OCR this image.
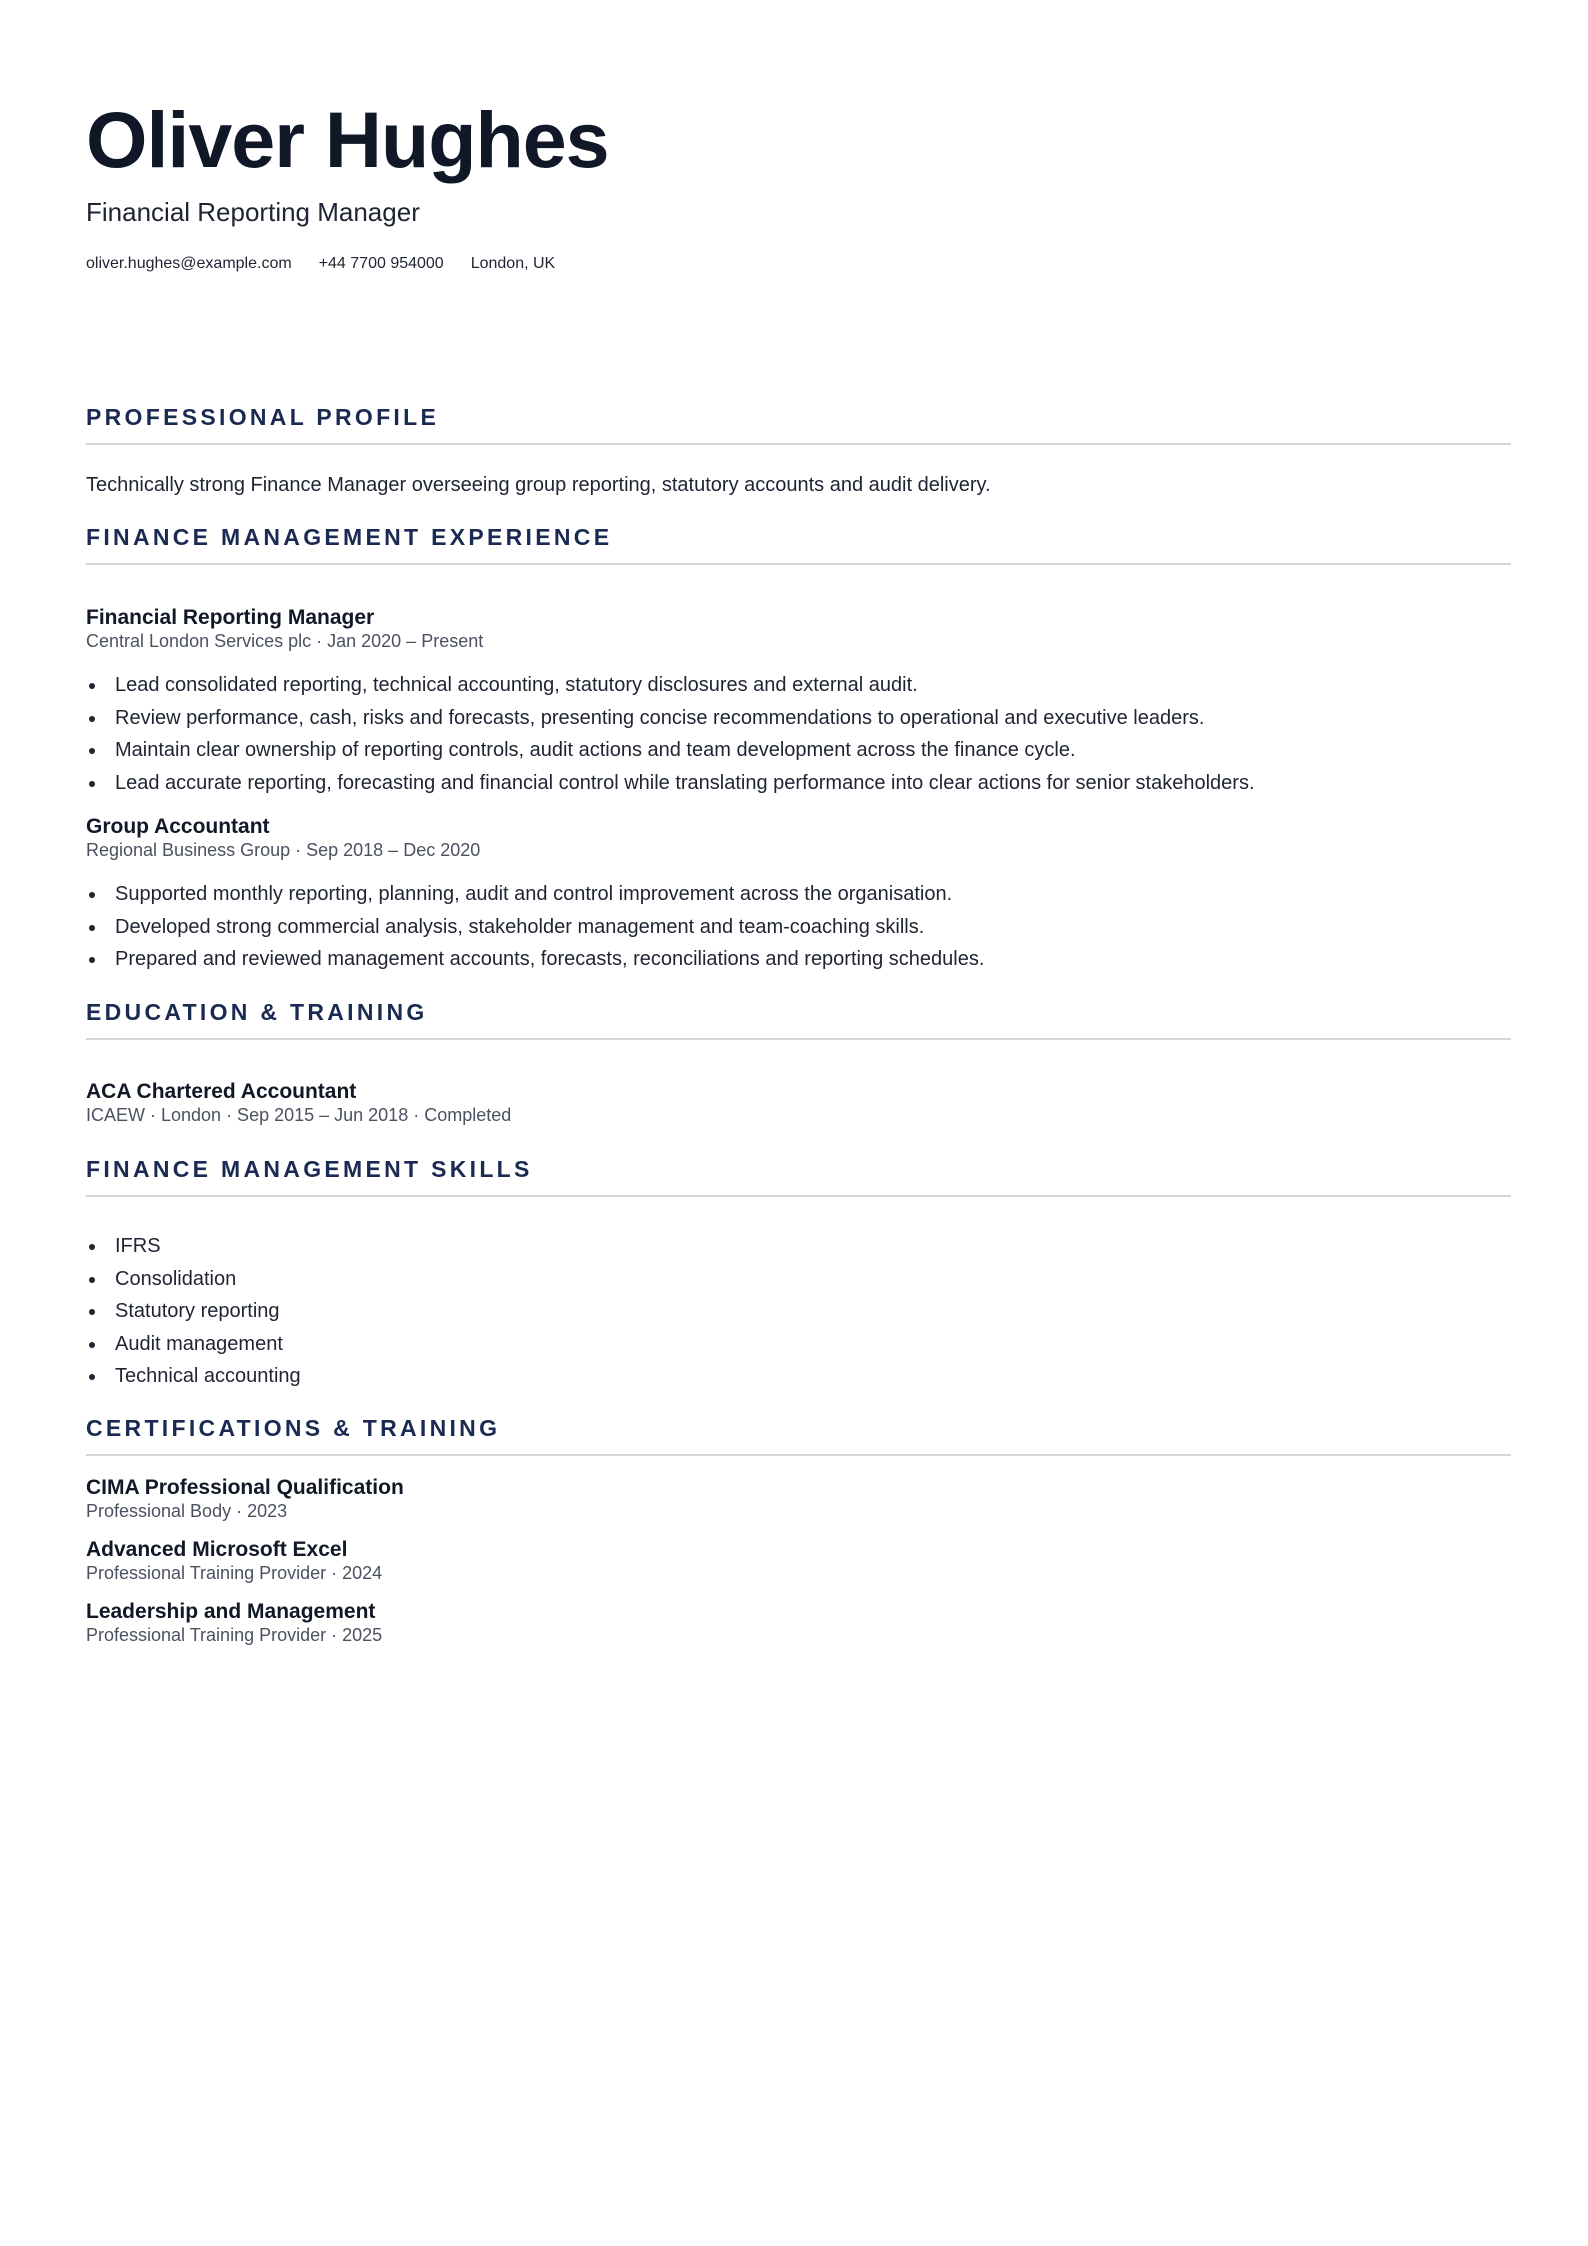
Oliver Hughes

Financial Reporting Manager

oliver.hughes@example.com +44 7700 954000 London, UK
PROFESSIONAL PROFILE

Technically strong Finance Manager overseeing group reporting, statutory accounts and audit delivery.

FINANCE MANAGEMENT EXPERIENCE

Financial Reporting Manager

Central London Services plc · Jan 2020 – Present

Lead consolidated reporting, technical accounting, statutory disclosures and external audit.
Review performance, cash, risks and forecasts, presenting concise recommendations to operational and executive leaders.
Maintain clear ownership of reporting controls, audit actions and team development across the finance cycle.
Lead accurate reporting, forecasting and financial control while translating performance into clear actions for senior stakeholders.

Group Accountant

Regional Business Group · Sep 2018 – Dec 2020

Supported monthly reporting, planning, audit and control improvement across the organisation.
Developed strong commercial analysis, stakeholder management and team-coaching skills.
Prepared and reviewed management accounts, forecasts, reconciliations and reporting schedules.
EDUCATION & TRAINING

ACA Chartered Accountant

ICAEW · London · Sep 2015 – Jun 2018 · Completed

FINANCE MANAGEMENT SKILLS
IFRS
Consolidation
Statutory reporting
Audit management
Technical accounting
CERTIFICATIONS & TRAINING

CIMA Professional Qualification

Professional Body · 2023

Advanced Microsoft Excel

Professional Training Provider · 2024

Leadership and Management

Professional Training Provider · 2025
